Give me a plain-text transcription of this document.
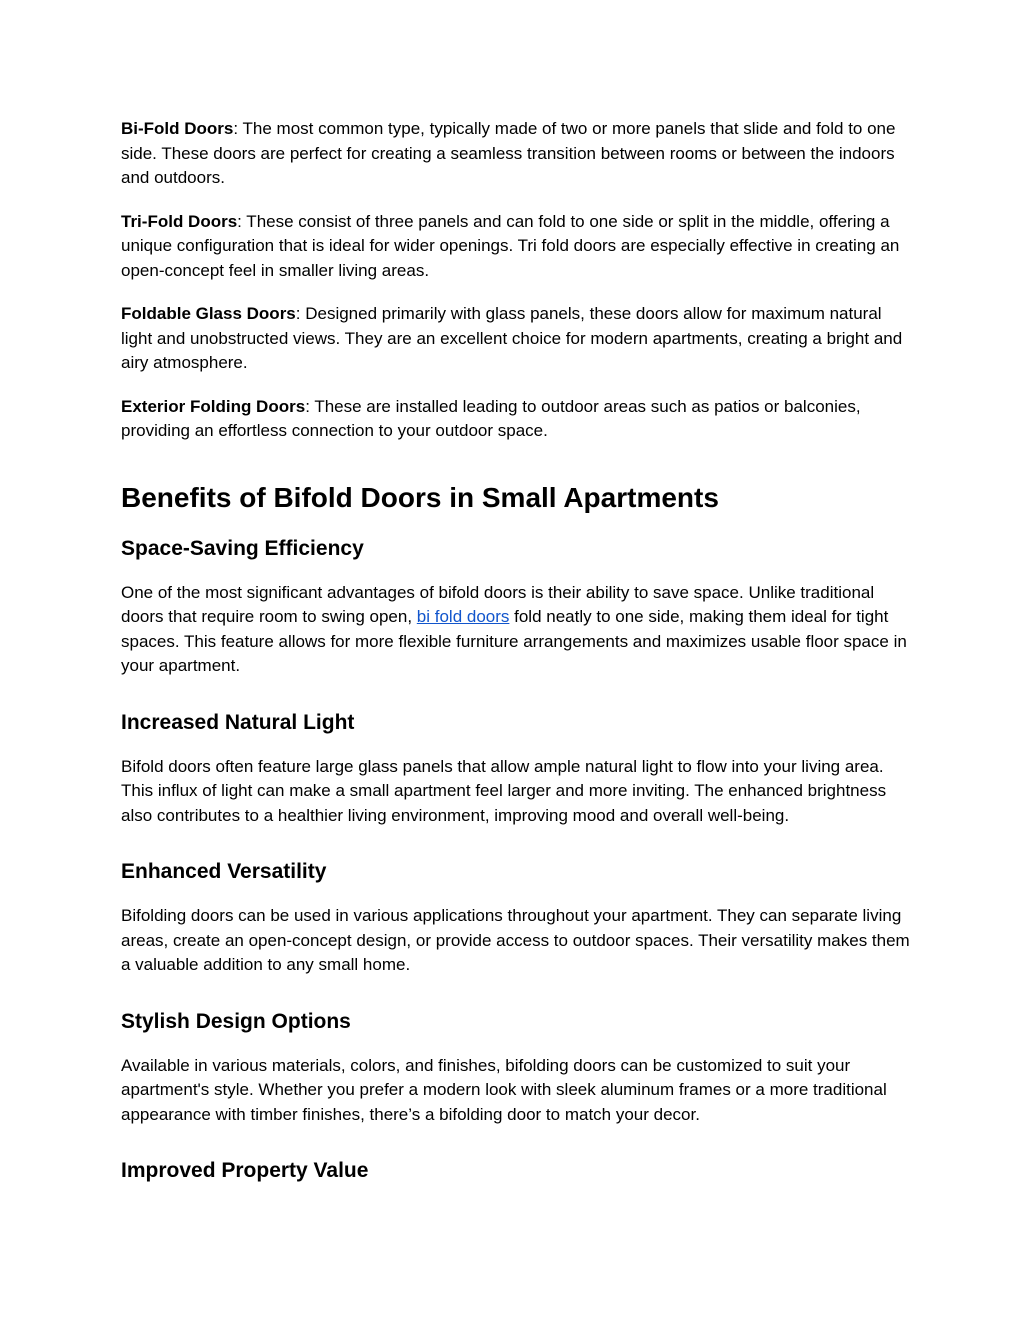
Bi-Fold Doors: The most common type, typically made of two or more panels that slide and fold to one side. These doors are perfect for creating a seamless transition between rooms or between the indoors and outdoors.

Tri-Fold Doors: These consist of three panels and can fold to one side or split in the middle, offering a unique configuration that is ideal for wider openings. Tri fold doors are especially effective in creating an open-concept feel in smaller living areas.

Foldable Glass Doors: Designed primarily with glass panels, these doors allow for maximum natural light and unobstructed views. They are an excellent choice for modern apartments, creating a bright and airy atmosphere.

Exterior Folding Doors: These are installed leading to outdoor areas such as patios or balconies, providing an effortless connection to your outdoor space.

Benefits of Bifold Doors in Small Apartments
Space-Saving Efficiency

One of the most significant advantages of bifold doors is their ability to save space. Unlike traditional doors that require room to swing open, bi fold doors fold neatly to one side, making them ideal for tight spaces. This feature allows for more flexible furniture arrangements and maximizes usable floor space in your apartment.

Increased Natural Light

Bifold doors often feature large glass panels that allow ample natural light to flow into your living area. This influx of light can make a small apartment feel larger and more inviting. The enhanced brightness also contributes to a healthier living environment, improving mood and overall well-being.

Enhanced Versatility

Bifolding doors can be used in various applications throughout your apartment. They can separate living areas, create an open-concept design, or provide access to outdoor spaces. Their versatility makes them a valuable addition to any small home.

Stylish Design Options

Available in various materials, colors, and finishes, bifolding doors can be customized to suit your apartment's style. Whether you prefer a modern look with sleek aluminum frames or a more traditional appearance with timber finishes, there’s a bifolding door to match your decor.

Improved Property Value
